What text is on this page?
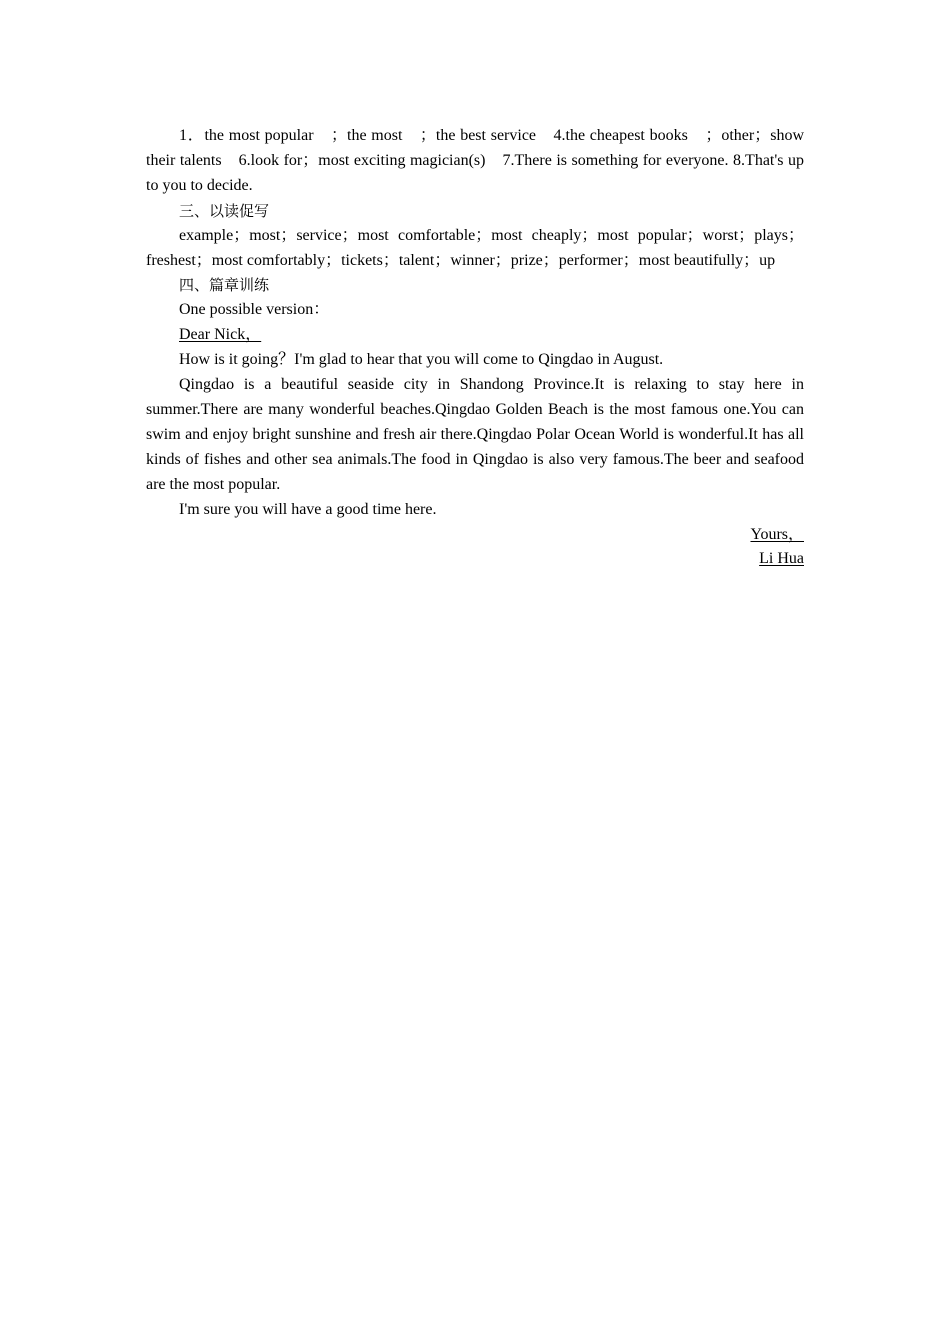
1．the most popular　；the most　；the best service　4.the cheapest books　；other；show their talents　6.look for；most exciting magician(s)　7.There is something for everyone. 8.That's up to you to decide.

三、以读促写

example；most；service；most comfortable；most cheaply；most popular；worst；plays；freshest；most comfortably；tickets；talent；winner；prize；performer；most beautifully；up

四、篇章训练

One possible version：

Dear Nick，

How is it going？I'm glad to hear that you will come to Qingdao in August.

Qingdao is a beautiful seaside city in Shandong Province.It is relaxing to stay here in summer.There are many wonderful beaches.Qingdao Golden Beach is the most famous one.You can swim and enjoy bright sunshine and fresh air there.Qingdao Polar Ocean World is wonderful.It has all kinds of fishes and other sea animals.The food in Qingdao is also very famous.The beer and seafood are the most popular.

I'm sure you will have a good time here.

Yours，

Li Hua
